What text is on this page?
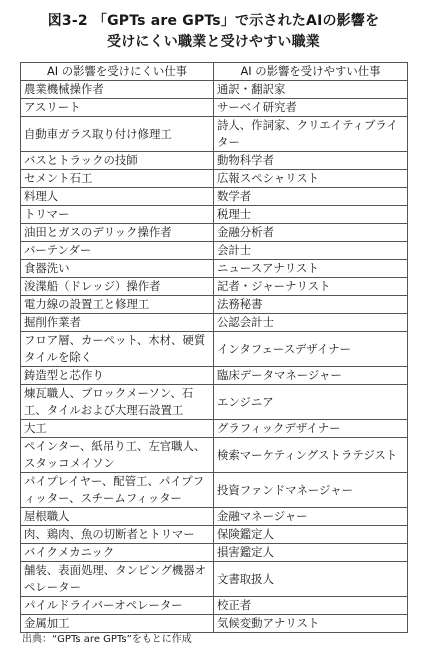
図3-2 「GPTs are GPTs」で示されたAIの影響を
受けにくい職業と受けやすい職業
AI の影響を受けにくい仕事	AI の影響を受けやすい仕事
農業機械操作者	通訳・翻訳家
アスリート	サーベイ研究者
自動車ガラス取り付け修理工	詩人、作詞家、クリエイティブライター
バスとトラックの技師	動物科学者
セメント石工	広報スペシャリスト
料理人	数学者
トリマー	税理士
油田とガスのデリック操作者	金融分析者
バーテンダー	会計士
食器洗い	ニュースアナリスト
浚渫船（ドレッジ）操作者	記者・ジャーナリスト
電力線の設置工と修理工	法務秘書
掘削作業者	公認会計士
フロア層、カーペット、木材、硬質タイルを除く	インタフェースデザイナー
鋳造型と芯作り	臨床データマネージャー
煉瓦職人、ブロックメーソン、石工、タイルおよび大理石設置工	エンジニア
大工	グラフィックデザイナー
ペインター、紙吊り工、左官職人、スタッコメイソン	検索マーケティングストラテジスト
パイプレイヤー、配管工、パイプフィッター、スチームフィッター	投資ファンドマネージャー
屋根職人	金融マネージャー
肉、鶏肉、魚の切断者とトリマー	保険鑑定人
バイクメカニック	損害鑑定人
舗装、表面処理、タンピング機器オペレーター	文書取扱人
パイルドライバーオペレーター	校正者
金属加工	気候変動アナリスト
出典：“GPTs are GPTs”をもとに作成
